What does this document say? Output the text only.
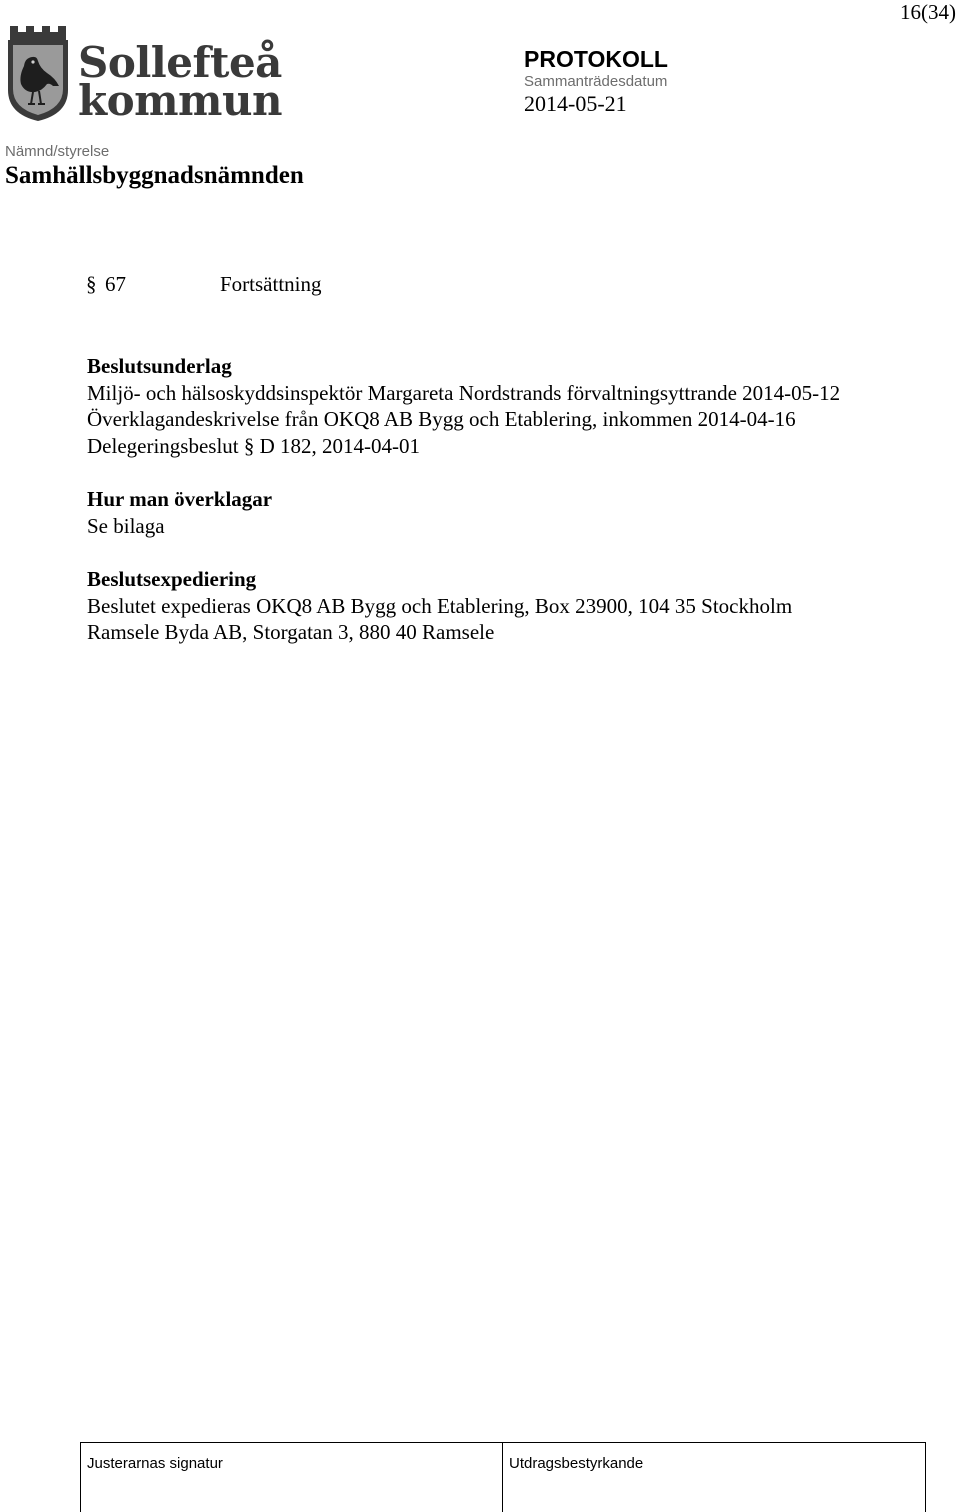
16(34)
Sollefteå
kommun
PROTOKOLL
Sammanträdesdatum
2014-05-21
Nämnd/styrelse
Samhällsbyggnadsnämnden
§ 67	Fortsättning
Beslutsunderlag
Miljö- och hälsoskyddsinspektör Margareta Nordstrands förvaltningsyttrande 2014-05-12
Överklagandeskrivelse från OKQ8 AB Bygg och Etablering, inkommen 2014-04-16
Delegeringsbeslut § D 182, 2014-04-01
Hur man överklagar
Se bilaga
Beslutsexpediering
Beslutet expedieras OKQ8 AB Bygg och Etablering, Box 23900, 104 35 Stockholm
Ramsele Byda AB, Storgatan 3, 880 40 Ramsele
Justerarnas signatur	Utdragsbestyrkande
